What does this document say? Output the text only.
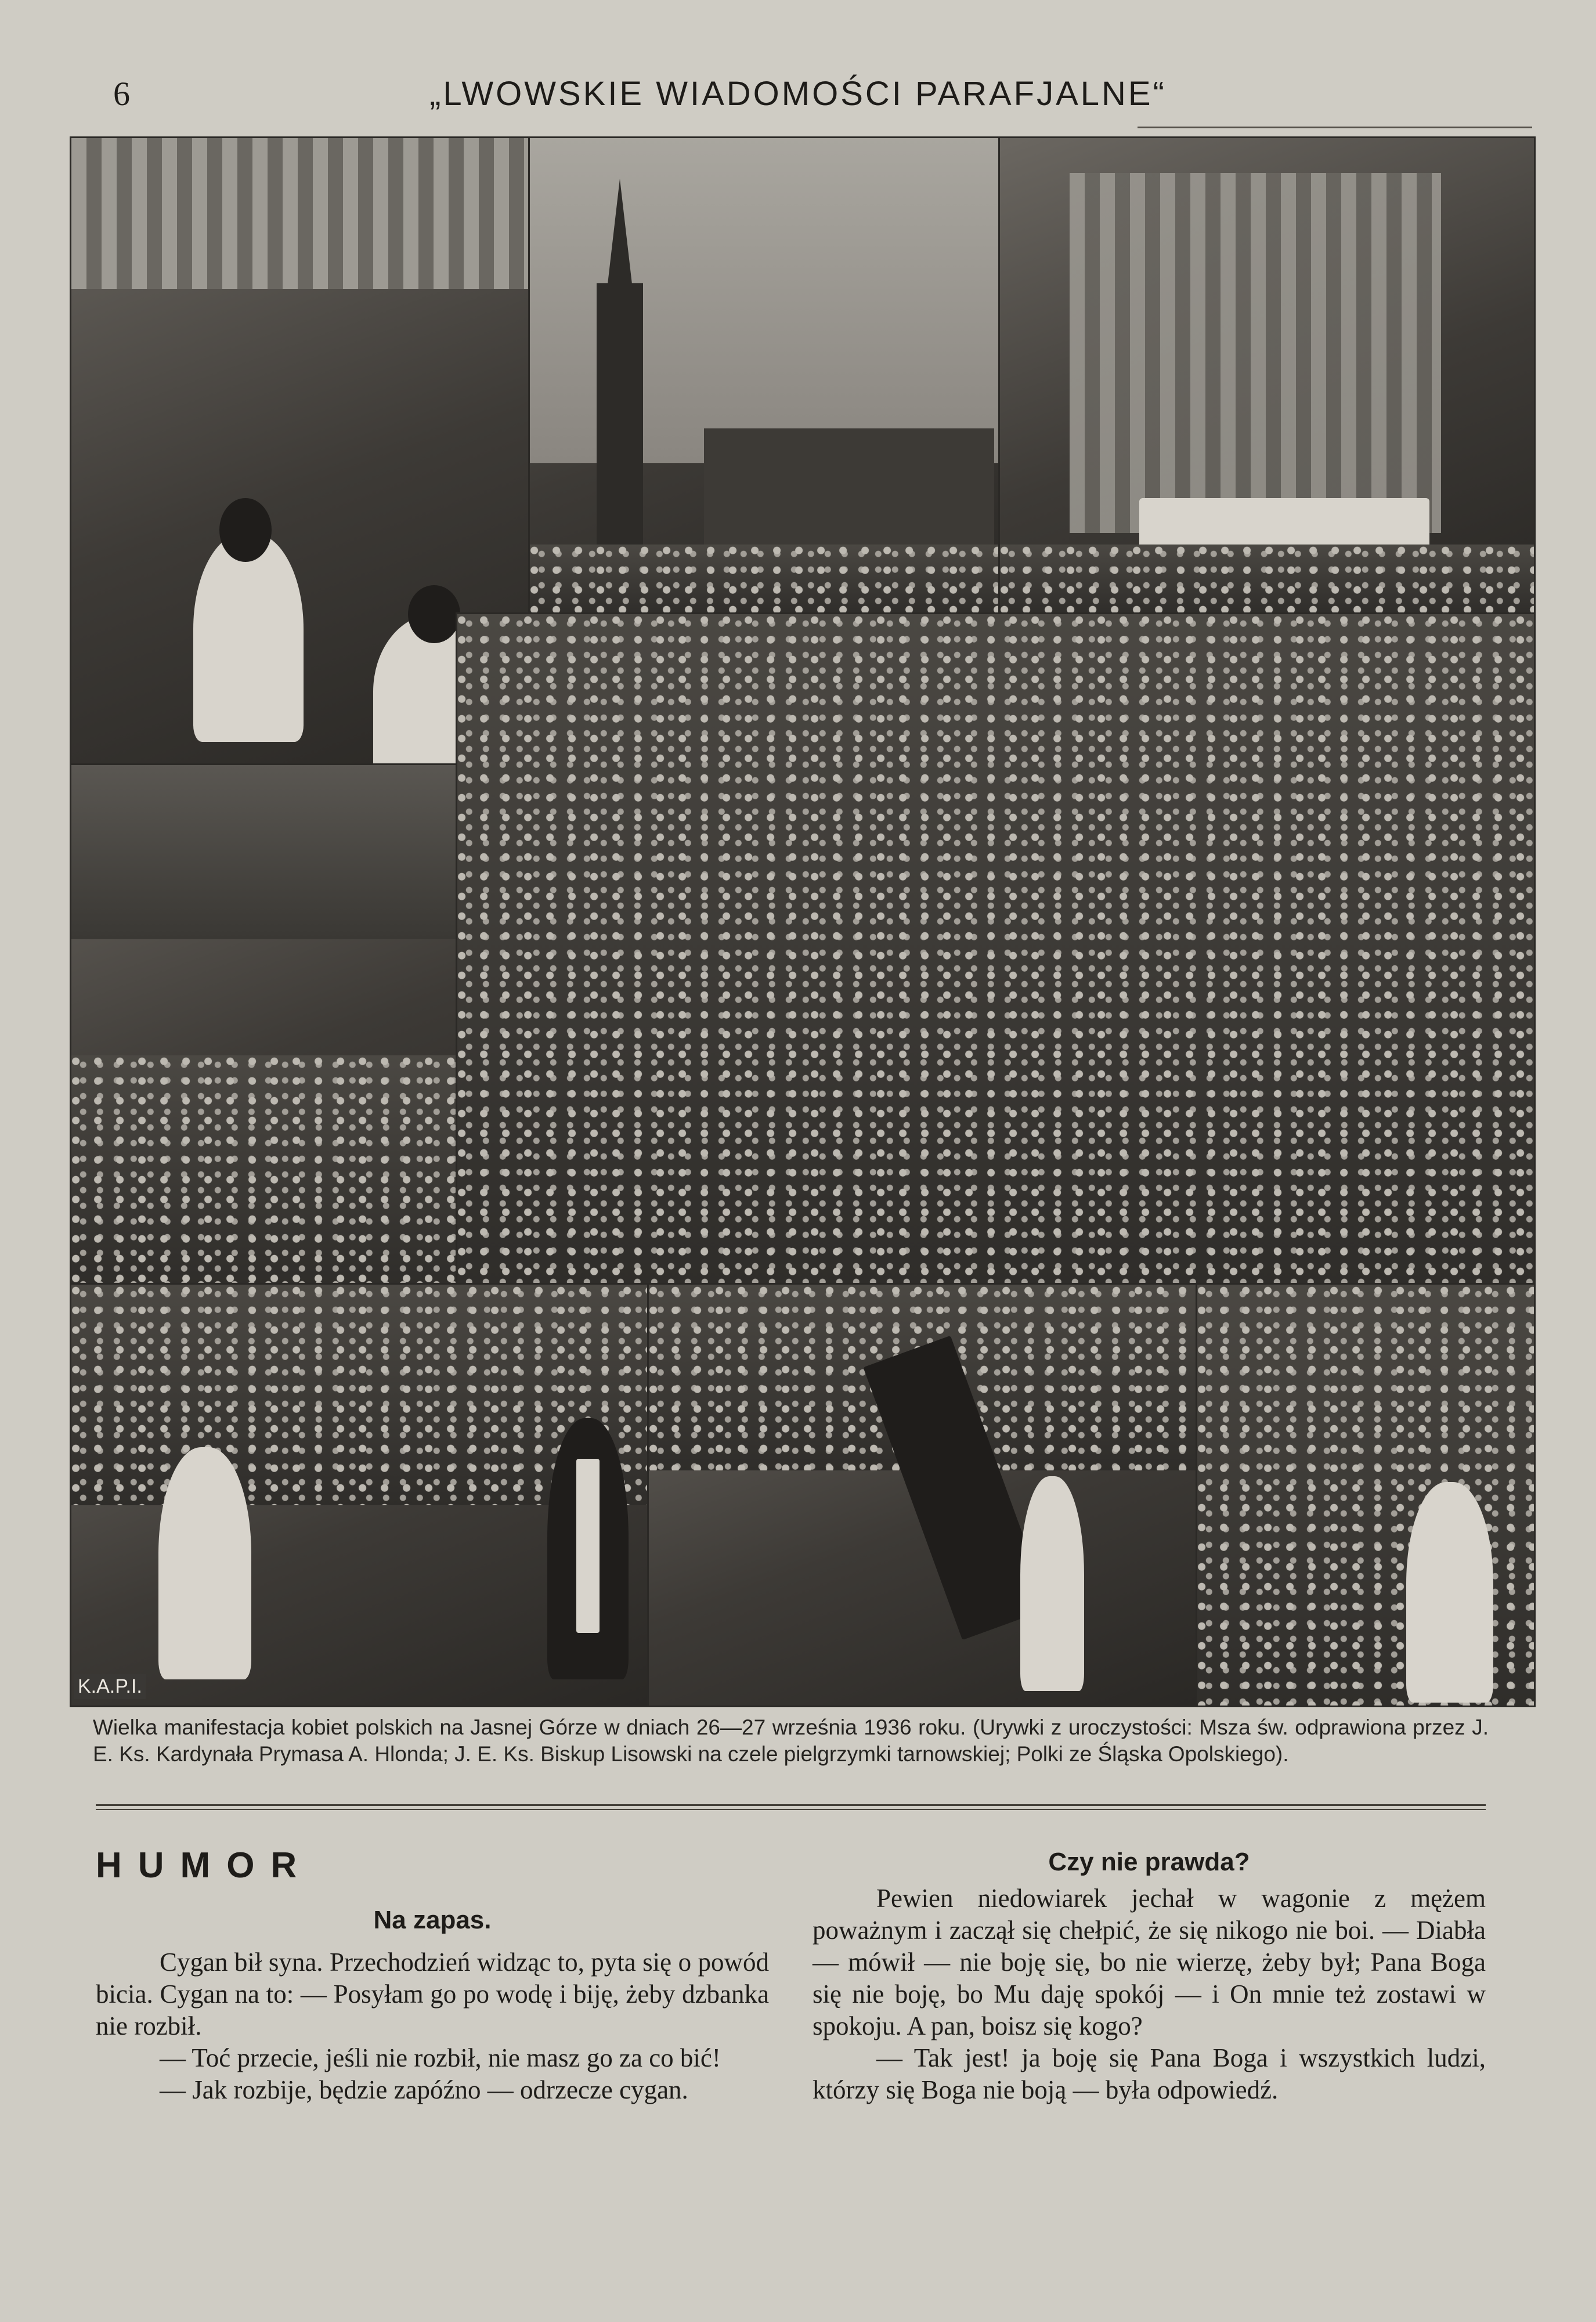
6	„LWOWSKIE WIADOMOŚCI PARAFJALNE“
K.A.P.I.
Wielka manifestacja kobiet polskich na Jasnej Górze w dniach 26—27 września 1936 roku. (Urywki z uroczystości: Msza św. odprawiona przez J. E. Ks. Kardynała Prymasa A. Hlonda; J. E. Ks. Biskup Lisowski na czele pielgrzymki tarnowskiej; Polki ze Śląska Opolskiego).
HUMOR
Na zapas.

Cygan bił syna. Przechodzień widząc to, pyta się o powód bicia. Cygan na to: — Posyłam go po wodę i biję, żeby dzbanka nie rozbił.

— Toć przecie, jeśli nie rozbił, nie masz go za co bić!

— Jak rozbije, będzie zapóźno — odrzecze cygan.

Czy nie prawda?

Pewien niedowiarek jechał w wagonie z mężem poważnym i zaczął się chełpić, że się nikogo nie boi. — Diabła — mówił — nie boję się, bo nie wierzę, żeby był; Pana Boga się nie boję, bo Mu daję spokój — i On mnie też zostawi w spokoju. A pan, boisz się kogo?

— Tak jest! ja boję się Pana Boga i wszystkich ludzi, którzy się Boga nie boją — była odpowiedź.
